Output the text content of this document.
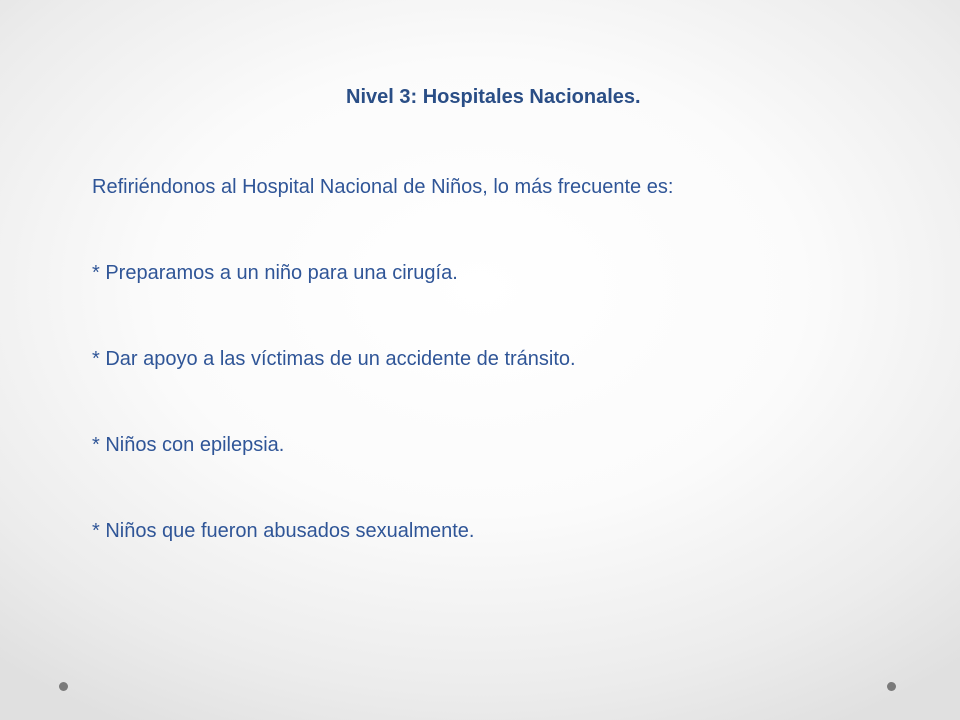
Nivel 3: Hospitales Nacionales.
Refiriéndonos al Hospital Nacional de Niños, lo más frecuente es:
* Preparamos a un niño para una cirugía.
* Dar apoyo a las víctimas de un accidente de tránsito.
* Niños con epilepsia.
* Niños que fueron abusados sexualmente.
